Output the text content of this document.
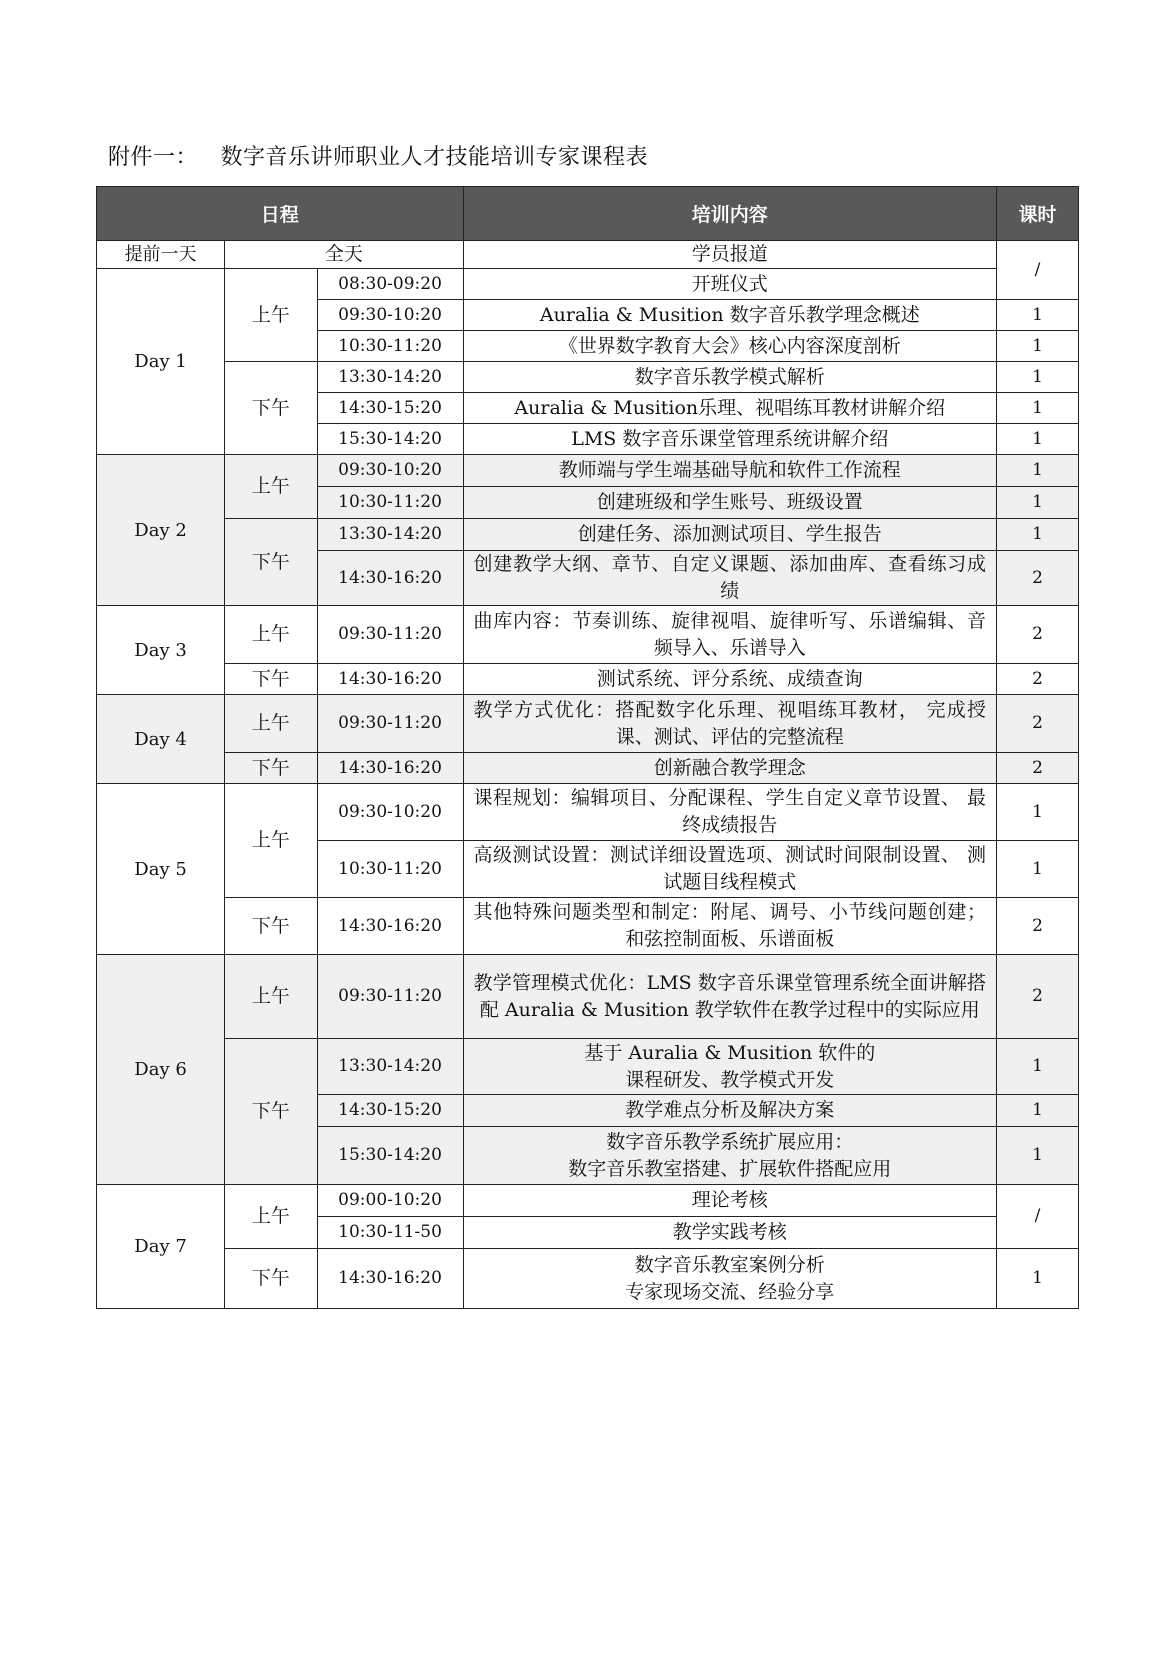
附件一：   数字音乐讲师职业人才技能培训专家课程表
日程			培训内容	课时
提前一天	全天		学员报道	/
Day 1	上午	08:30-09:20	开班仪式	
		09:30-10:20	Auralia & Musition 数字音乐教学理念概述	1
		10:30-11:20	《世界数字教育大会》核心内容深度剖析	1
	下午	13:30-14:20	数字音乐教学模式解析	1
		14:30-15:20	Auralia & Musition乐理、视唱练耳教材讲解介绍	1
		15:30-14:20	LMS 数字音乐课堂管理系统讲解介绍	1
Day 2	上午	09:30-10:20	教师端与学生端基础导航和软件工作流程	1
		10:30-11:20	创建班级和学生账号、班级设置	1
	下午	13:30-14:20	创建任务、添加测试项目、学生报告	1
		14:30-16:20	创建教学大纲、章节、自定义课题、添加曲库、查看练习成绩	2
Day 3	上午	09:30-11:20	曲库内容：节奏训练、旋律视唱、旋律听写、乐谱编辑、音频导入、乐谱导入	2
	下午	14:30-16:20	测试系统、评分系统、成绩查询	2
Day 4	上午	09:30-11:20	教学方式优化：搭配数字化乐理、视唱练耳教材， 完成授课、测试、评估的完整流程	2
	下午	14:30-16:20	创新融合教学理念	2
Day 5	上午	09:30-10:20	课程规划：编辑项目、分配课程、学生自定义章节设置、 最终成绩报告	1
		10:30-11:20	高级测试设置：测试详细设置选项、测试时间限制设置、 测试题目线程模式	1
	下午	14:30-16:20	其他特殊问题类型和制定：附尾、调号、小节线问题创建；和弦控制面板、乐谱面板	2
Day 6	上午	09:30-11:20	教学管理模式优化：LMS 数字音乐课堂管理系统全面讲解搭配 Auralia & Musition 教学软件在教学过程中的实际应用	2
	下午	13:30-14:20	基于 Auralia & Musition 软件的
课程研发、教学模式开发	1
		14:30-15:20	教学难点分析及解决方案	1
		15:30-14:20	数字音乐教学系统扩展应用：
数字音乐教室搭建、扩展软件搭配应用	1
Day 7	上午	09:00-10:20	理论考核	/
		10:30-11-50	教学实践考核	
	下午	14:30-16:20	数字音乐教室案例分析
专家现场交流、经验分享	1
